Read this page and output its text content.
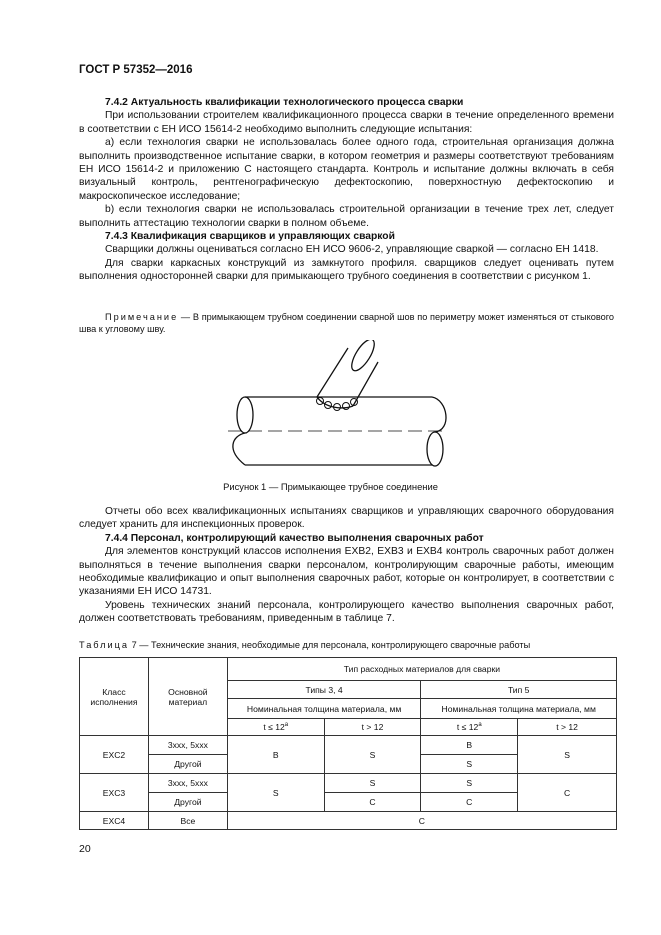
ГОСТ Р 57352—2016

7.4.2 Актуальность квалификации технологического процесса сварки

При использовании строителем квалификационного процесса сварки в течение определенного времени в соответствии с ЕН ИСО 15614-2 необходимо выполнить следующие испытания:

а) если технология сварки не использовалась более одного года, строительная организация должна выполнить производственное испытание сварки, в котором геометрия и размеры соответствуют требованиям ЕН ИСО 15614-2 и приложению С настоящего стандарта. Контроль и испытание должны включать в себя визуальный контроль, рентгенографическую дефектоскопию, поверхностную дефектоскопию и макроскопическое исследование;

b) если технология сварки не использовалась строительной организации в течение трех лет, следует выполнить аттестацию технологии сварки в полном объеме.

7.4.3 Квалификация сварщиков и управляющих сваркой

Сварщики должны оцениваться согласно ЕН ИСО 9606-2, управляющие сваркой — согласно ЕН 1418.

Для сварки каркасных конструкций из замкнутого профиля. сварщиков следует оценивать путем выполнения односторонней сварки для примыкающего трубного соединения в соответствии с рисунком 1.

Примечание — В примыкающем трубном соединении сварной шов по периметру может изменяться от стыкового шва к угловому шву.

Рисунок 1 — Примыкающее трубное соединение

Отчеты обо всех квалификационных испытаниях сварщиков и управляющих сварочного оборудования следует хранить для инспекционных проверок.

7.4.4 Персонал, контролирующий качество выполнения сварочных работ

Для элементов конструкций классов исполнения ЕХВ2, ЕХВ3 и ЕХВ4 контроль сварочных работ должен выполняться в течение выполнения сварки персоналом, контролирующим сварочные работы, имеющим необходимые квалификацио и опыт выполнения сварочных работ, которые он контролирует, в соответствии с указаниями ЕН ИСО 14731.

Уровень технических знаний персонала, контролирующего качество выполнения сварочных работ, должен соответствовать требованиям, приведенным в таблице 7.

Таблица 7 — Технические знания, необходимые для персонала, контролирующего сварочные работы
Класс исполнения	Основной материал	Тип расходных материалов для сварки			
		Типы 3, 4		Тип 5	
		Номинальная толщина материала, мм		Номинальная толщина материала, мм	
		$t \le 12^a$	t > 12	$t \le 12^a$	t > 12
EXC2	3xxx, 5xxx	B	S	B	S
	Другой			S	
EXC3	3xxx, 5xxx	S	S	S	C
	Другой		C	C	
EXC4	Все	C			
20
